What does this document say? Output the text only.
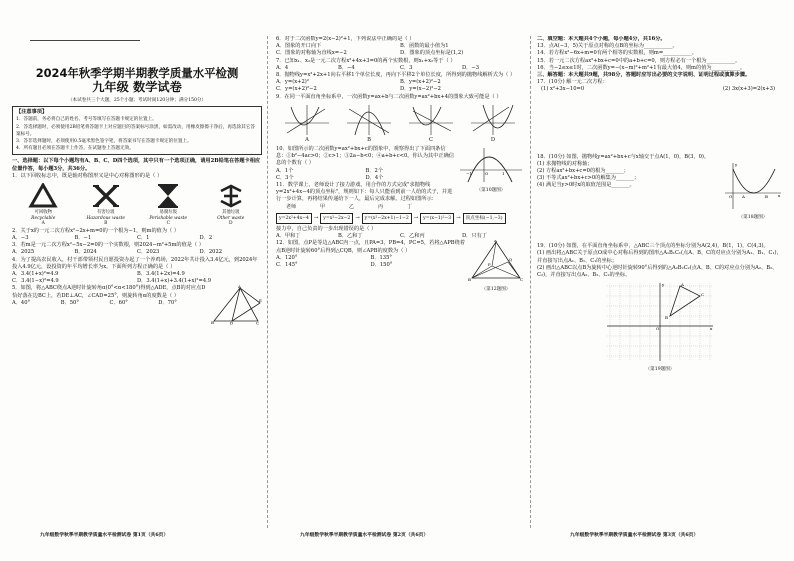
2024年秋季学期半期教学质量水平检测
九年级 数学试卷
（本试卷共三个大题，25个小题；考试时间120分钟；满分150分）
【注意事项】
1．答题前，务必将自己的姓名、考号等填写在答题卡规定的位置上。
2．答选择题时，必须使用2B铅笔将答题卡上对应题目的答案标号涂黑，如需改动，用橡皮擦擦干净后，再选涂其它答案标号。
3．答非选择题时，必须使用0.5毫米黑色签字笔，将答案书写在答题卡规定的位置上。
4．所有题目必须在答题卡上作答，在试题卷上答题无效。
一、选择题：以下每个小题均有A、B、C、D四个选项，其中只有一个选项正确，请用2B铅笔在答题卡相应位置作答，每小题3分，共36分。
1．以下回收标志中，既是轴对称图形又是中心对称图形的是（ ）
可回收物
Recyclable
A
有害垃圾
Hazardous waste
B
易腐垃圾
Perishable waste
C
其他垃圾
Other waste
D
2．关于x的一元二次方程x²−2x+m=0的一个根为−1，则m的值为（ ）
A．−3	B．−1	C．1	D．2
3．若m是一元二次方程x²−5x−2=0的一个实数根，则2024−m²+5m的值是（ ）
A．2025	B．2024	C．2023	D．2022
4．为了提高农民收入，村干部带领村民自愿投资办起了一个养鸡场，2022年共计投入3.4亿元，到2024年投入4.9亿元，设投资的年平均增长率为x，下面所列方程正确的是（ ）
A．3.4(1+x)²=4.9	B．3.4(1+2x)=4.9
C．3.4(1−x)²=4.9	D．3.4(1+x)+3.4(1+x)²=4.9
A
B	D	C
E
5．如图，将△ABC绕点A逆时针旋转角α(0°<α<180°)得到△ADE，点B的对应点D恰好落在边BC上，若DE⊥AC，∠CAD=25°，则旋转角α的度数是（ ）
A．40°	B．50°	C．60°	D．70°
九年级数学秋季半期教学质量水平检测试卷 第1页（共6页）
6．对于二次函数y=2(x−2)²+1，下列说法中正确的是（ ）
A．图象的开口向下	B．函数的最小值为1
C．图象的对称轴为直线x=−2	D．图象的顶点坐标是(1,2)
7．已知x₁、x₂是一元二次方程x²+4x+3=0的两个实数根，则x₁+x₂等于（ ）
A．4	B．−4	C．3	D．−3
8．抛物线y=x²+2x+1向右平移1个单位长度，再向下平移2个单位长度，所得到的抛物线解析式为（ ）
A．y=(x+2)²	B．y=(x+2)²−2
C．y=(x+2)²−2	D．y=(x−2)²−2
9．在同一平面直角坐标系中，一次函数y=ax+b与二次函数y=ax²+bx+4的图象大致可能是（ ）
A	B	C	D
−1	O	1
（第10题图）
10．如图所示的二次函数y=ax²+bx+c的图象中，观察得出了下面四条信息：①b²−4ac>0；②c>1；③2a−b<0；④a+b+c<0。你认为其中正确信息的个数有（ ）
A．1个	B．2个
C．3个	D．4个
11．数学课上，老师设计了接力游戏，用合作的方式完成"求抛物线y=2x²+4x−4的顶点坐标"，规则如下：每人只能看到前一人给的式子，并进行一步计算，再将结果传递给下一人，最后完成求解。过程如图所示：
老师	甲	乙	丙	丁
y=2x²+4x−4 →	y=x²−2x−2 →	y=(x²−2x+1)−1−2 →	y=(x−1)²−3 →	顶点坐标(−1,−3)
接力中，自己负责的一步出现错误的是（ ）
A．甲和丁	B．乙和丁	C．乙和丙	D．只有丁
A
B	C
P
Q
（第12题图）
12．如图，点P是等边△ABC内一点，且PA=3，PB=4，PC=5，若将△APB绕着点B逆时针旋转60°后得到△CQB，则∠APB的度数为（ ）
A．120°	B．135°
C．145°	D．150°
九年级数学秋季半期教学质量水平检测试卷 第2页（共6页）
二、填空题：本大题共4个小题，每小题4分，共16分。
13．点A(−3，5)关于原点对称的点B的坐标为___________。
14．若方程x²−6x+m=0有两个相等的实数根，则m=___________。
15．若一元二次方程ax²+bx+c=0中的a+b+c=0，则方程必有一个根为___________。
16．当−2≤x≤1时，二次函数y=−(x−m)²+m²+1有最大值4，则m的值为___________。
三、解答题：本大题共9题，共98分，答题时应写出必要的文字说明、证明过程或演算步骤。
17．(10分) 解一元二次方程：
(1) x²+3x−10=0	(2) 3x(x+3)=2(x+3)
18．(10分) 如图，抛物线y=ax²+bx+c与x轴交于点A(1，0)，B(3，0)。
O A	B	x
y
（第18题图）
(1) 求抛物线的对称轴；
(2) 方程ax²+bx+c=0的根为_______；
(3) 不等式ax²+bx+c>0的解集为_______；
(4) 满足当y>0时x的取值范围是_______。
19．(10分) 如图，在平面直角坐标系中，△ABC三个顶点的坐标分别为A(2,4)，B(1，1)，C(4,3)。
(1) 画出将△ABC关于原点O成中心对称后得到的图形△A₁B₁C₁(点A、B、C的对应点分别为A₁、B₁、C₁)，并直接写出点A₁、B₁、C₁的坐标；
(2) 画出△ABC以点B为旋转中心逆时针旋转90°后得到的△A₂B₂C₂(点A、B、C的对应点分别为A₂、B₂、C₂)，并直接写出点A₂、B₂、C₂的坐标。
A
B
C
O	x
y
（第19题图）
九年级数学秋季半期教学质量水平检测试卷 第3页（共6页）
